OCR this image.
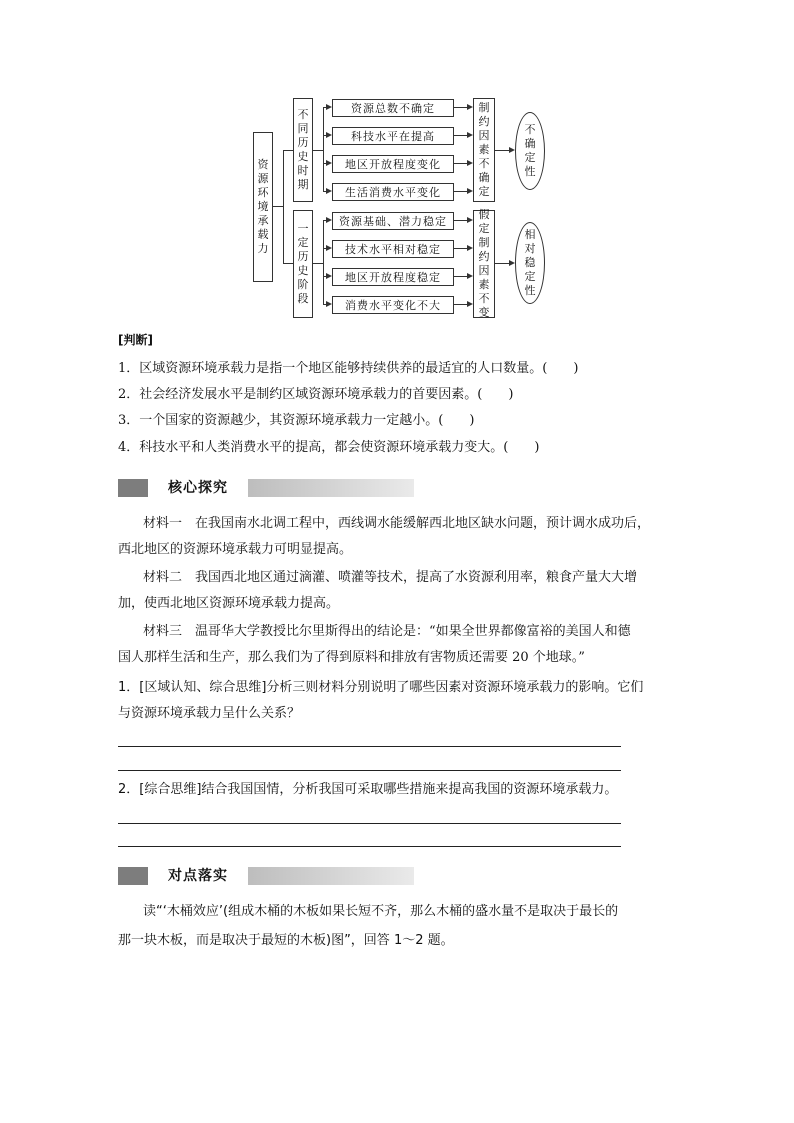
资
源
环
境
承
载
力
不
同
历
史
时
期
一
定
历
史
阶
段
资源总数不确定
科技水平在提高
地区开放程度变化
生活消费水平变化
资源基础、潜力稳定
技术水平相对稳定
地区开放程度稳定
消费水平变化不大
制
约
因
素
不
确
定
假
定
制
约
因
素
不
变
不
确
定
性
相
对
稳
定
性
[判断]
1．区域资源环境承载力是指一个地区能够持续供养的最适宜的人口数量。(　　)
2．社会经济发展水平是制约区域资源环境承载力的首要因素。(　　)
3．一个国家的资源越少，其资源环境承载力一定越小。(　　)
4．科技水平和人类消费水平的提高，都会使资源环境承载力变大。(　　)
核心探究
材料一　在我国南水北调工程中，西线调水能缓解西北地区缺水问题，预计调水成功后，
西北地区的资源环境承载力可明显提高。
材料二　我国西北地区通过滴灌、喷灌等技术，提高了水资源利用率，粮食产量大大增
加，使西北地区资源环境承载力提高。
材料三　温哥华大学教授比尔里斯得出的结论是：“如果全世界都像富裕的美国人和德
国人那样生活和生产，那么我们为了得到原料和排放有害物质还需要 20 个地球。”
1．[区域认知、综合思维]分析三则材料分别说明了哪些因素对资源环境承载力的影响。它们
与资源环境承载力呈什么关系？
2．[综合思维]结合我国国情，分析我国可采取哪些措施来提高我国的资源环境承载力。
对点落实
读“‘木桶效应’(组成木桶的木板如果长短不齐，那么木桶的盛水量不是取决于最长的
那一块木板，而是取决于最短的木板)图”，回答 1～2 题。
